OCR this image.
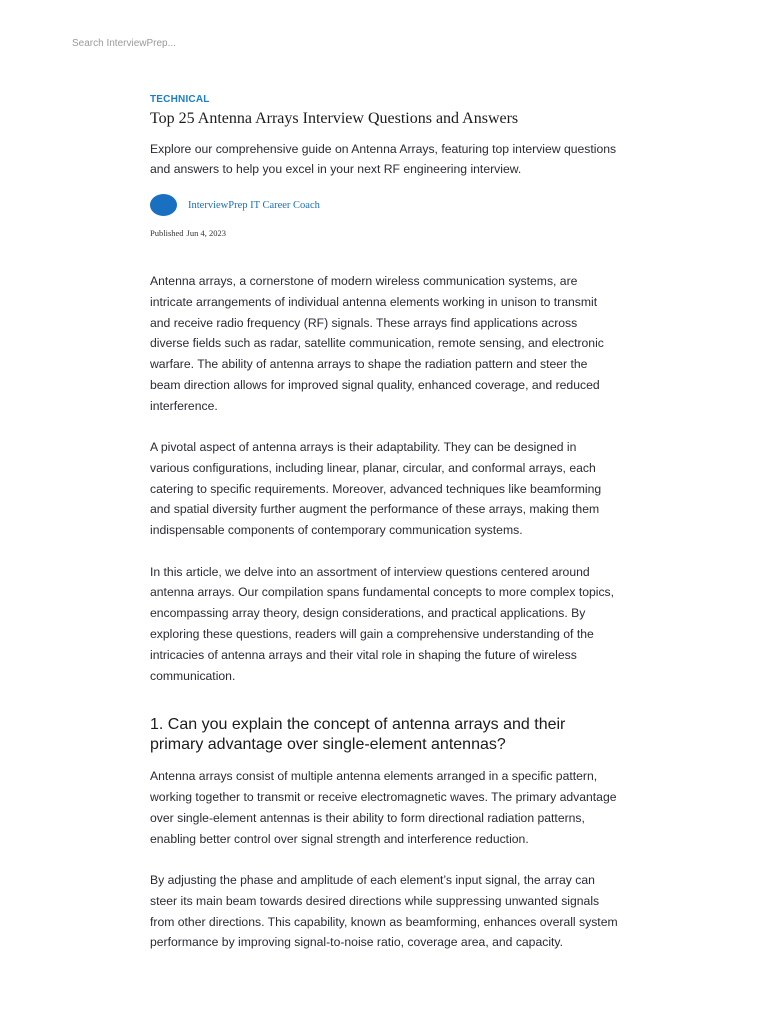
Search InterviewPrep...
TECHNICAL
Top 25 Antenna Arrays Interview Questions and Answers

Explore our comprehensive guide on Antenna Arrays, featuring top interview questions and answers to help you excel in your next RF engineering interview.

InterviewPrep IT Career Coach
Published Jun 4, 2023

Antenna arrays, a cornerstone of modern wireless communication systems, are intricate arrangements of individual antenna elements working in unison to transmit and receive radio frequency (RF) signals. These arrays find applications across diverse fields such as radar, satellite communication, remote sensing, and electronic warfare. The ability of antenna arrays to shape the radiation pattern and steer the beam direction allows for improved signal quality, enhanced coverage, and reduced interference.

A pivotal aspect of antenna arrays is their adaptability. They can be designed in various configurations, including linear, planar, circular, and conformal arrays, each catering to specific requirements. Moreover, advanced techniques like beamforming and spatial diversity further augment the performance of these arrays, making them indispensable components of contemporary communication systems.

In this article, we delve into an assortment of interview questions centered around antenna arrays. Our compilation spans fundamental concepts to more complex topics, encompassing array theory, design considerations, and practical applications. By exploring these questions, readers will gain a comprehensive understanding of the intricacies of antenna arrays and their vital role in shaping the future of wireless communication.

1. Can you explain the concept of antenna arrays and their primary advantage over single-element antennas?

Antenna arrays consist of multiple antenna elements arranged in a specific pattern, working together to transmit or receive electromagnetic waves. The primary advantage over single-element antennas is their ability to form directional radiation patterns, enabling better control over signal strength and interference reduction.

By adjusting the phase and amplitude of each element’s input signal, the array can steer its main beam towards desired directions while suppressing unwanted signals from other directions. This capability, known as beamforming, enhances overall system performance by improving signal-to-noise ratio, coverage area, and capacity.
